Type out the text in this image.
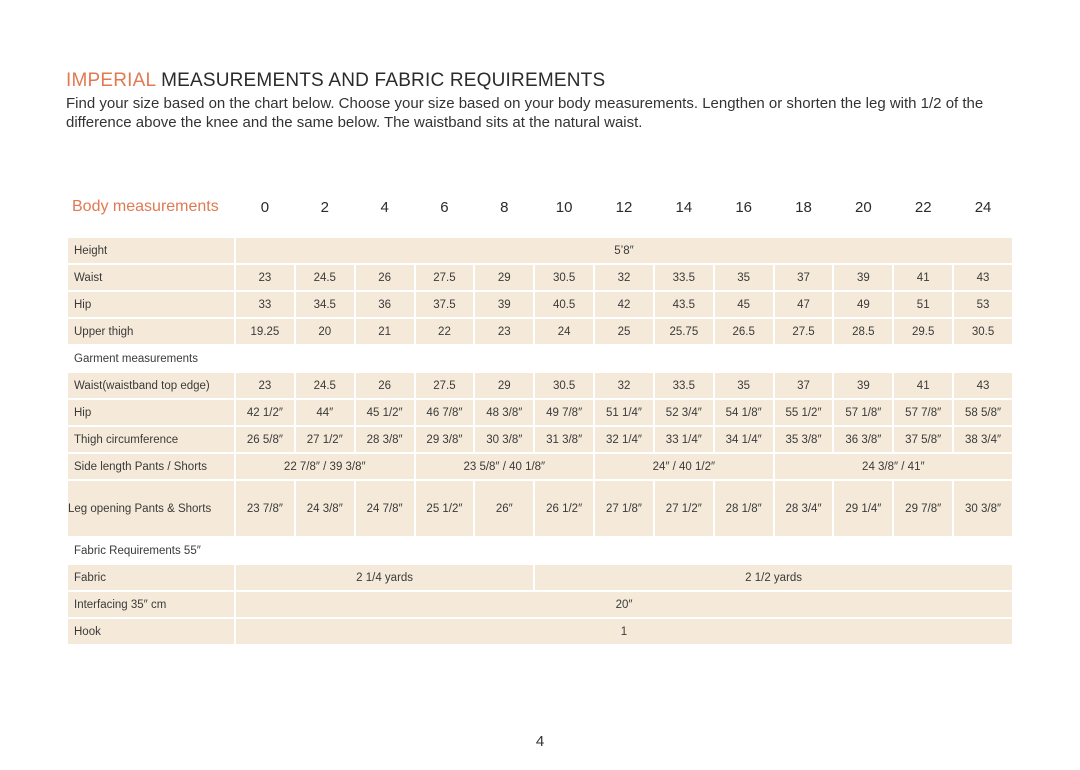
IMPERIAL MEASUREMENTS AND FABRIC REQUIREMENTS
Find your size based on the chart below. Choose your size based on your body measurements. Lengthen or shorten the leg with 1/2 of the difference above the knee and the same below. The waistband sits at the natural waist.
Body measurements	0	2	4	6	8	10	12	14	16	18	20	22	24

Height	5’8″												
Waist	23	24.5	26	27.5	29	30.5	32	33.5	35	37	39	41	43
Hip	33	34.5	36	37.5	39	40.5	42	43.5	45	47	49	51	53
Upper thigh	19.25	20	21	22	23	24	25	25.75	26.5	27.5	28.5	29.5	30.5
Garment measurements													
Waist(waistband top edge)	23	24.5	26	27.5	29	30.5	32	33.5	35	37	39	41	43
Hip	42 1/2″	44″	45 1/2″	46 7/8″	48 3/8″	49 7/8″	51 1/4″	52 3/4″	54 1/8″	55 1/2″	57 1/8″	57 7/8″	58 5/8″
Thigh circumference	26 5/8″	27 1/2″	28 3/8″	29 3/8″	30 3/8″	31 3/8″	32 1/4″	33 1/4″	34 1/4″	35 3/8″	36 3/8″	37 5/8″	38 3/4″
Side length Pants / Shorts	22 7/8″ / 39 3/8″			23 5/8″ / 40 1/8″			24″ / 40 1/2″			24 3/8″ / 41″			
Leg opening Pants & Shorts	23 7/8″	24 3/8″	24 7/8″	25 1/2″	26″	26 1/2″	27 1/8″	27 1/2″	28 1/8″	28 3/4″	29 1/4″	29 7/8″	30 3/8″
Fabric Requirements 55″													
Fabric	2 1/4 yards					2 1/2 yards							
Interfacing 35″ cm	20″												
Hook	1												
4
